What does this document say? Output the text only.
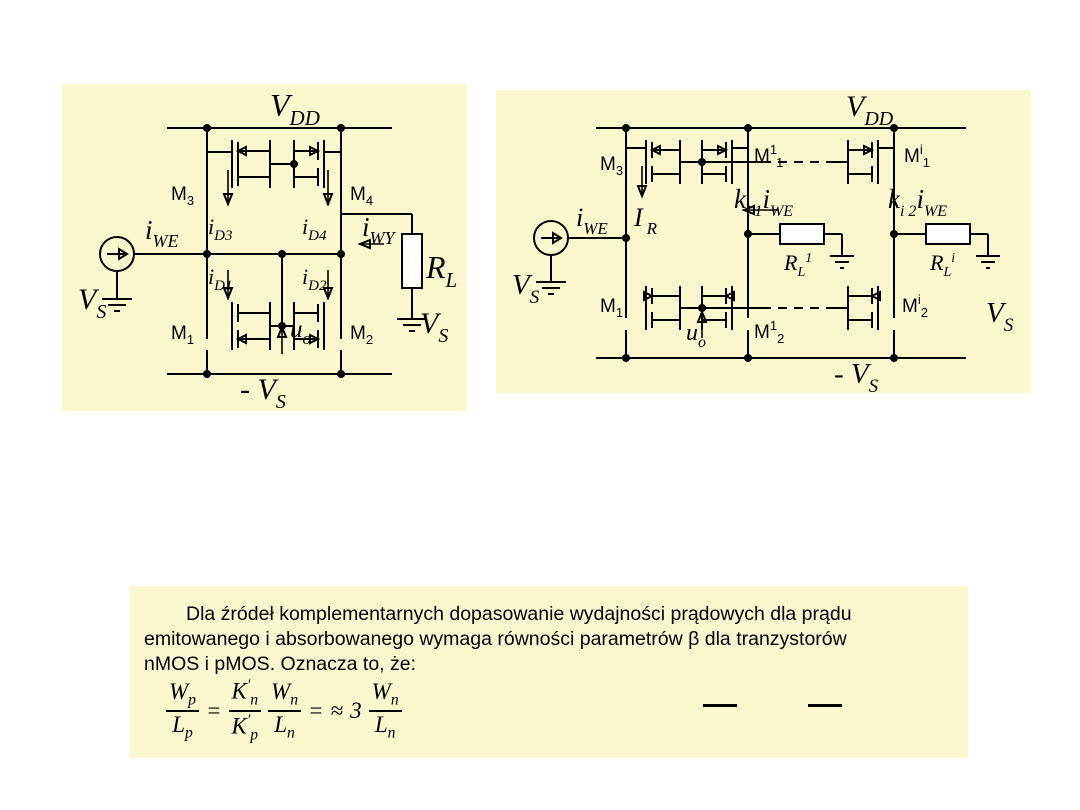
$V_{DD}$
$M_3$	$M_4$
$M_1$	$M_2$
$i_{WE}$	$i_{WY}$
$i_{D3}$	$i_{D4}$
$i_{D1}$	$i_{D2}$
$u_o$
$R_L$
$V_S$	$V_S$
- $V_S$
$V_{DD}$
$M_3$
$M^1_1$	$M^i_1$
$M_1$
$M^1_2$
$M^i_2$
$i_{WE}$ I $_R$
$k_{i 1}i_{WE}$	$k_{i 2}i_{WE}$
$R_L^1$	$R_L^i$
$u_o$
$V_S$	$V_S$
- $V_S$

Dla źródeł komplementarnych dopasowanie wydajności prądowych dla prądu

emitowanego i absorbowanego wymaga równości parametrów β dla tranzystorów

nMOS i pMOS. Oznacza to, że:

$\frac{W_p}{L_p} = \frac{K'_n}{K'_p} \frac{W_n}{L_n}$ = ≈ $3 \frac{W_n}{L_n}$
